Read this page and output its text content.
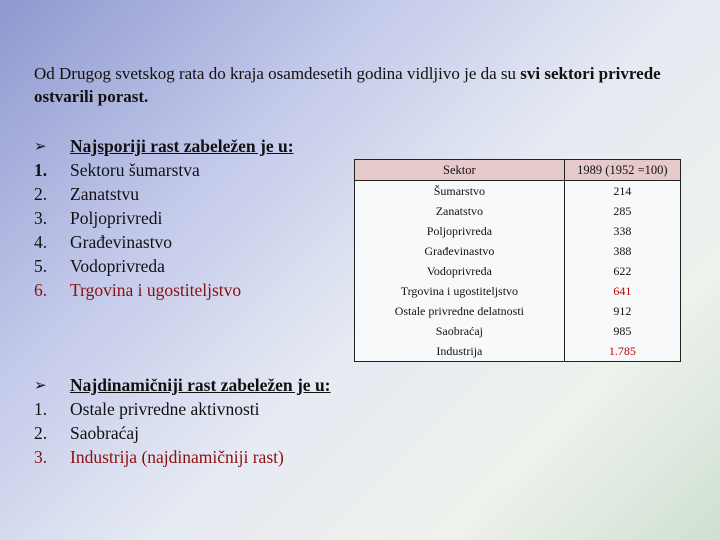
Od Drugog svetskog rata do kraja osamdesetih godina vidljivo je da su svi sektori privrede ostvarili porast.
➢	Najsporiji rast zabeležen je u:
1.	Sektoru šumarstva
2.	Zanatstvu
3.	Poljoprivredi
4.	Građevinastvo
5.	Vodoprivreda
6.	Trgovina i ugostiteljstvo
Sektor	1989 (1952 =100)
Šumarstvo	214
Zanatstvo	285
Poljoprivreda	338
Građevinastvo	388
Vodoprivreda	622
Trgovina i ugostiteljstvo	641
Ostale privredne delatnosti	912
Saobraćaj	985
Industrija	1.785
➢	Najdinamičniji rast zabeležen je u:
1.	Ostale privredne aktivnosti
2.	Saobraćaj
3.	Industrija (najdinamičniji rast)
